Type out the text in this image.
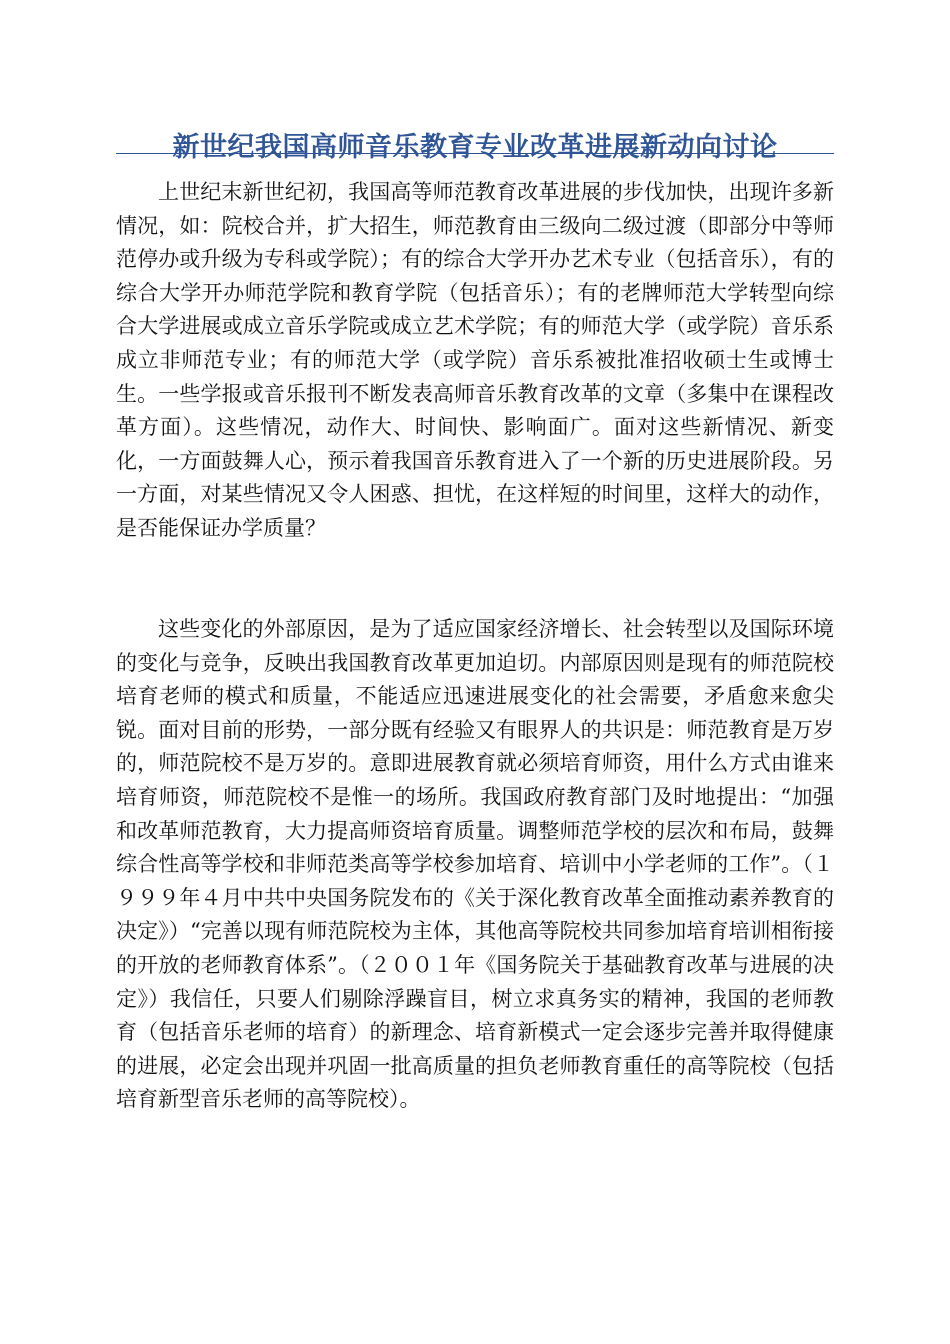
新世纪我国高师音乐教育专业改革进展新动向讨论

上世纪末新世纪初，我国高等师范教育改革进展的步伐加快，出现许多新情况，如：院校合并，扩大招生，师范教育由三级向二级过渡（即部分中等师范停办或升级为专科或学院）；有的综合大学开办艺术专业（包括音乐），有的综合大学开办师范学院和教育学院（包括音乐）；有的老牌师范大学转型向综合大学进展或成立音乐学院或成立艺术学院；有的师范大学（或学院）音乐系成立非师范专业；有的师范大学（或学院）音乐系被批准招收硕士生或博士生。一些学报或音乐报刊不断发表高师音乐教育改革的文章（多集中在课程改革方面）。这些情况，动作大、时间快、影响面广。面对这些新情况、新变化，一方面鼓舞人心，预示着我国音乐教育进入了一个新的历史进展阶段。另一方面，对某些情况又令人困惑、担忧，在这样短的时间里，这样大的动作，是否能保证办学质量？

这些变化的外部原因，是为了适应国家经济增长、社会转型以及国际环境的变化与竞争，反映出我国教育改革更加迫切。内部原因则是现有的师范院校培育老师的模式和质量，不能适应迅速进展变化的社会需要，矛盾愈来愈尖锐。面对目前的形势，一部分既有经验又有眼界人的共识是：师范教育是万岁的，师范院校不是万岁的。意即进展教育就必须培育师资，用什么方式由谁来培育师资，师范院校不是惟一的场所。我国政府教育部门及时地提出：“加强和改革师范教育，大力提高师资培育质量。调整师范学校的层次和布局，鼓舞综合性高等学校和非师范类高等学校参加培育、培训中小学老师的工作”。（１９９９年４月中共中央国务院发布的《关于深化教育改革全面推动素养教育的决定》）“完善以现有师范院校为主体，其他高等院校共同参加培育培训相衔接的开放的老师教育体系”。（２００１年《国务院关于基础教育改革与进展的决定》）我信任，只要人们剔除浮躁盲目，树立求真务实的精神，我国的老师教育（包括音乐老师的培育）的新理念、培育新模式一定会逐步完善并取得健康的进展，必定会出现并巩固一批高质量的担负老师教育重任的高等院校（包括培育新型音乐老师的高等院校）。
